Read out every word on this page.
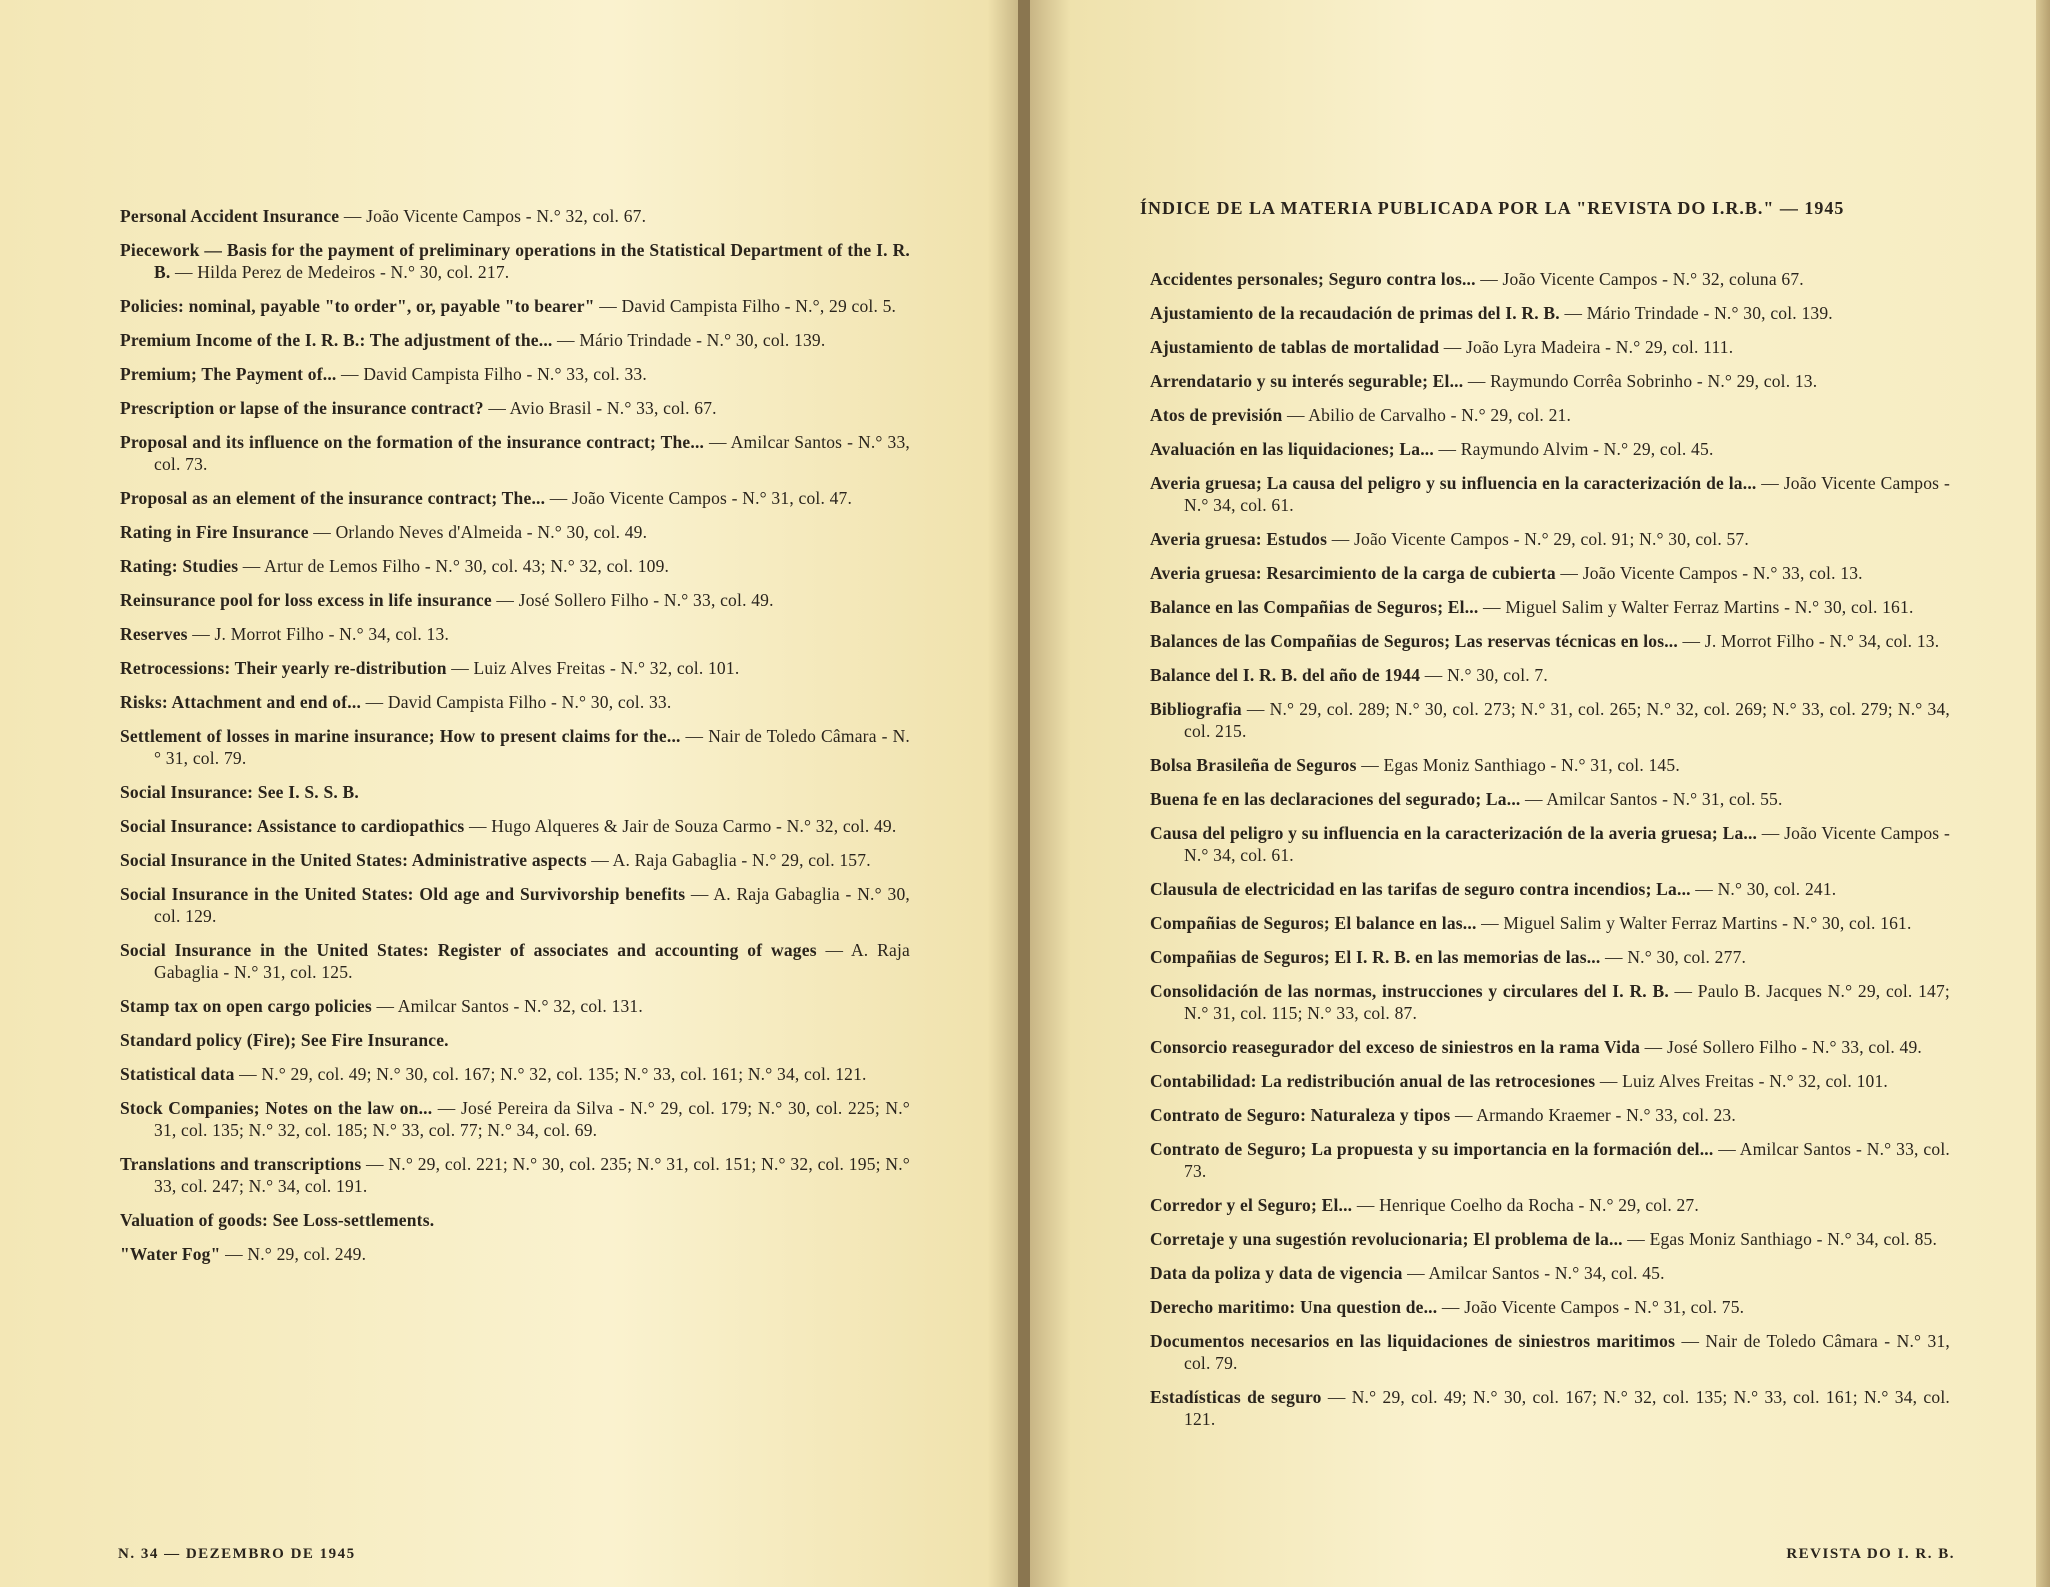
Personal Accident Insurance — João Vicente Campos - N.° 32, col. 67.
Piecework — Basis for the payment of preliminary operations in the Statistical Department of the I. R. B. — Hilda Perez de Medeiros - N.° 30, col. 217.
Policies: nominal, payable "to order", or, payable "to bearer" — David Campista Filho - N.°, 29 col. 5.
Premium Income of the I. R. B.: The adjustment of the... — Mário Trindade - N.° 30, col. 139.
Premium; The Payment of... — David Campista Filho - N.° 33, col. 33.
Prescription or lapse of the insurance contract? — Avio Brasil - N.° 33, col. 67.
Proposal and its influence on the formation of the insurance contract; The... — Amilcar Santos - N.° 33, col. 73.
Proposal as an element of the insurance contract; The... — João Vicente Campos - N.° 31, col. 47.
Rating in Fire Insurance — Orlando Neves d'Almeida - N.° 30, col. 49.
Rating: Studies — Artur de Lemos Filho - N.° 30, col. 43; N.° 32, col. 109.
Reinsurance pool for loss excess in life insurance — José Sollero Filho - N.° 33, col. 49.
Reserves — J. Morrot Filho - N.° 34, col. 13.
Retrocessions: Their yearly re-distribution — Luiz Alves Freitas - N.° 32, col. 101.
Risks: Attachment and end of... — David Campista Filho - N.° 30, col. 33.
Settlement of losses in marine insurance; How to present claims for the... — Nair de Toledo Câmara - N.° 31, col. 79.
Social Insurance: See I. S. S. B.
Social Insurance: Assistance to cardiopathics — Hugo Alqueres & Jair de Souza Carmo - N.° 32, col. 49.
Social Insurance in the United States: Administrative aspects — A. Raja Gabaglia - N.° 29, col. 157.
Social Insurance in the United States: Old age and Survivorship benefits — A. Raja Gabaglia - N.° 30, col. 129.
Social Insurance in the United States: Register of associates and accounting of wages — A. Raja Gabaglia - N.° 31, col. 125.
Stamp tax on open cargo policies — Amilcar Santos - N.° 32, col. 131.
Standard policy (Fire); See Fire Insurance.
Statistical data — N.° 29, col. 49; N.° 30, col. 167; N.° 32, col. 135; N.° 33, col. 161; N.° 34, col. 121.
Stock Companies; Notes on the law on... — José Pereira da Silva - N.° 29, col. 179; N.° 30, col. 225; N.° 31, col. 135; N.° 32, col. 185; N.° 33, col. 77; N.° 34, col. 69.
Translations and transcriptions — N.° 29, col. 221; N.° 30, col. 235; N.° 31, col. 151; N.° 32, col. 195; N.° 33, col. 247; N.° 34, col. 191.
Valuation of goods: See Loss-settlements.
"Water Fog" — N.° 29, col. 249.
N. 34 — DEZEMBRO DE 1945
ÍNDICE DE LA MATERIA PUBLICADA POR LA "REVISTA DO I.R.B." — 1945
Accidentes personales; Seguro contra los... — João Vicente Campos - N.° 32, coluna 67.
Ajustamiento de la recaudación de primas del I. R. B. — Mário Trindade - N.° 30, col. 139.
Ajustamiento de tablas de mortalidad — João Lyra Madeira - N.° 29, col. 111.
Arrendatario y su interés segurable; El... — Raymundo Corrêa Sobrinho - N.° 29, col. 13.
Atos de previsión — Abilio de Carvalho - N.° 29, col. 21.
Avaluación en las liquidaciones; La... — Raymundo Alvim - N.° 29, col. 45.
Averia gruesa; La causa del peligro y su influencia en la caracterización de la... — João Vicente Campos - N.° 34, col. 61.
Averia gruesa: Estudos — João Vicente Campos - N.° 29, col. 91; N.° 30, col. 57.
Averia gruesa: Resarcimiento de la carga de cubierta — João Vicente Campos - N.° 33, col. 13.
Balance en las Compañias de Seguros; El... — Miguel Salim y Walter Ferraz Martins - N.° 30, col. 161.
Balances de las Compañias de Seguros; Las reservas técnicas en los... — J. Morrot Filho - N.° 34, col. 13.
Balance del I. R. B. del año de 1944 — N.° 30, col. 7.
Bibliografia — N.° 29, col. 289; N.° 30, col. 273; N.° 31, col. 265; N.° 32, col. 269; N.° 33, col. 279; N.° 34, col. 215.
Bolsa Brasileña de Seguros — Egas Moniz Santhiago - N.° 31, col. 145.
Buena fe en las declaraciones del segurado; La... — Amilcar Santos - N.° 31, col. 55.
Causa del peligro y su influencia en la caracterización de la averia gruesa; La... — João Vicente Campos - N.° 34, col. 61.
Clausula de electricidad en las tarifas de seguro contra incendios; La... — N.° 30, col. 241.
Compañias de Seguros; El balance en las... — Miguel Salim y Walter Ferraz Martins - N.° 30, col. 161.
Compañias de Seguros; El I. R. B. en las memorias de las... — N.° 30, col. 277.
Consolidación de las normas, instrucciones y circulares del I. R. B. — Paulo B. Jacques N.° 29, col. 147; N.° 31, col. 115; N.° 33, col. 87.
Consorcio reasegurador del exceso de siniestros en la rama Vida — José Sollero Filho - N.° 33, col. 49.
Contabilidad: La redistribución anual de las retrocesiones — Luiz Alves Freitas - N.° 32, col. 101.
Contrato de Seguro: Naturaleza y tipos — Armando Kraemer - N.° 33, col. 23.
Contrato de Seguro; La propuesta y su importancia en la formación del... — Amilcar Santos - N.° 33, col. 73.
Corredor y el Seguro; El... — Henrique Coelho da Rocha - N.° 29, col. 27.
Corretaje y una sugestión revolucionaria; El problema de la... — Egas Moniz Santhiago - N.° 34, col. 85.
Data da poliza y data de vigencia — Amilcar Santos - N.° 34, col. 45.
Derecho maritimo: Una question de... — João Vicente Campos - N.° 31, col. 75.
Documentos necesarios en las liquidaciones de siniestros maritimos — Nair de Toledo Câmara - N.° 31, col. 79.
Estadísticas de seguro — N.° 29, col. 49; N.° 30, col. 167; N.° 32, col. 135; N.° 33, col. 161; N.° 34, col. 121.
REVISTA DO I. R. B.
